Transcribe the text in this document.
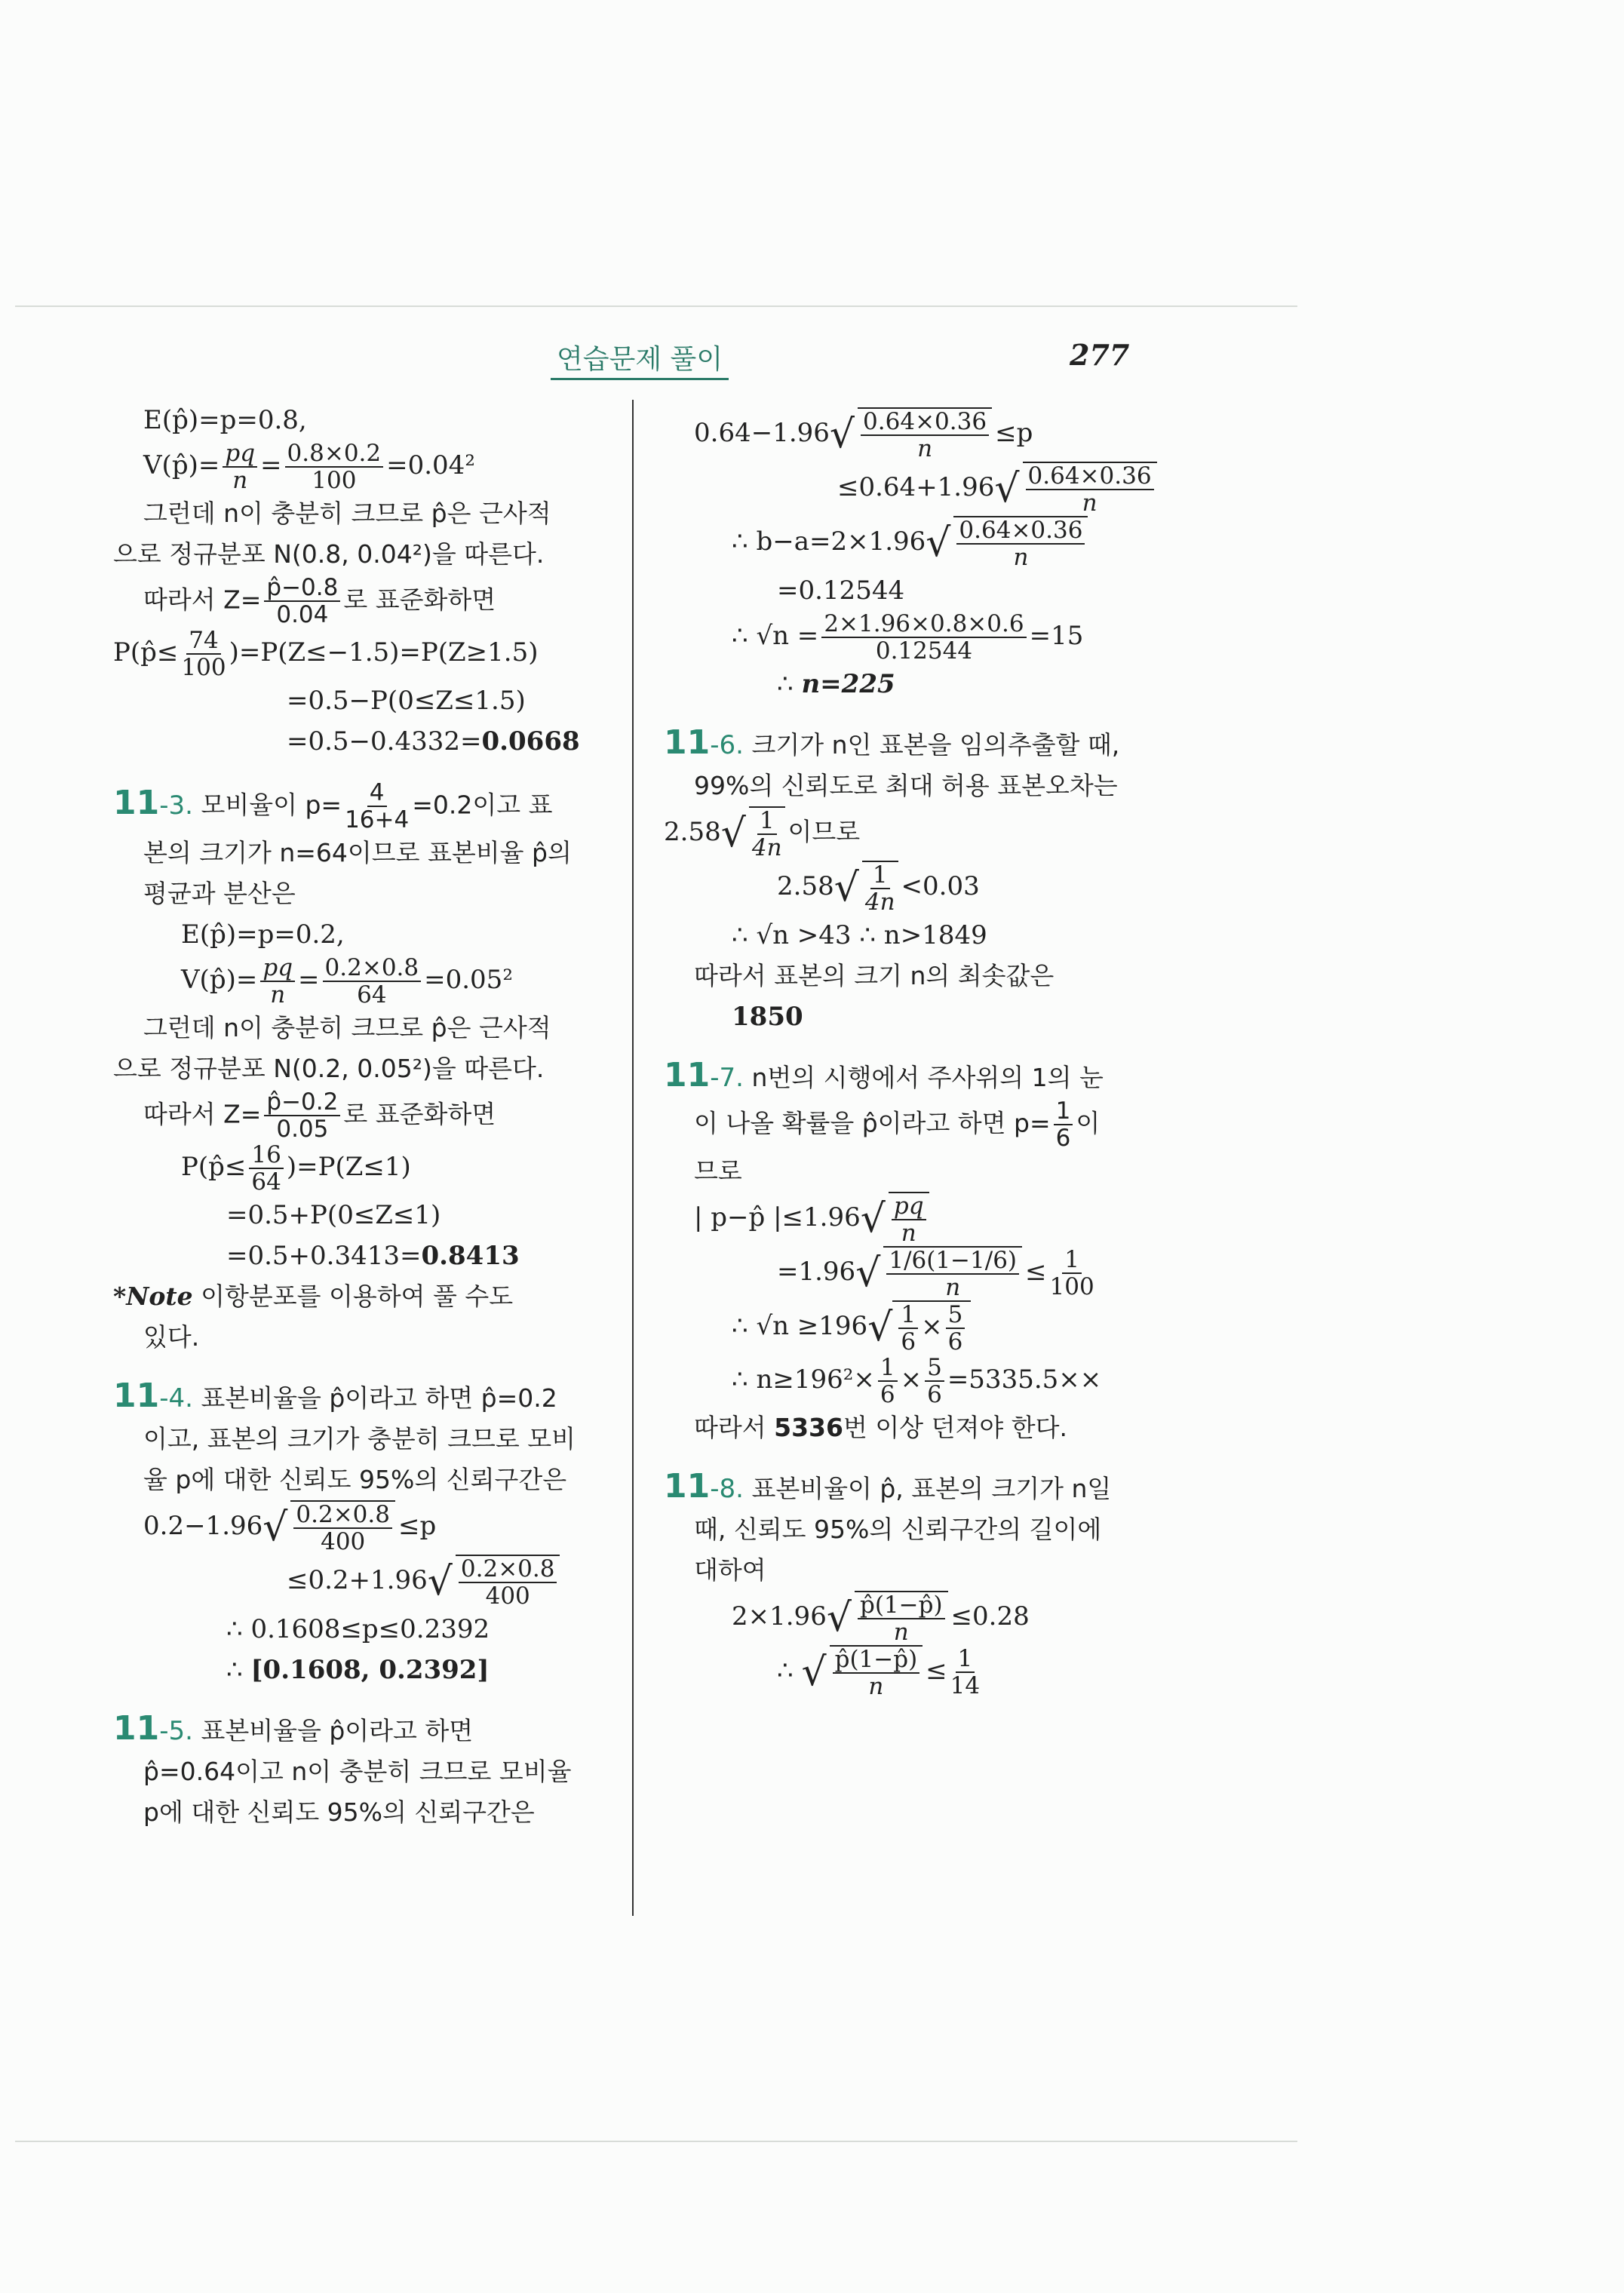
연습문제 풀이	277
E(p̂)=p=0.8,
V(p̂)= $\frac{pq}{n} = \frac{0.8\times 0.2}{100} =0.04^2$
그런데 n이 충분히 크므로 p̂은 근사적
으로 정규분포 N(0.8, 0.04²)을 따른다.
따라서 $Z= \frac{p̂-0.8}{0.04}$ 로 표준화하면
P(p̂≤ $\frac{74}{100} )=P(Z\le-1.5)=P(Z\ge 1.5)$
=0.5−P(0≤Z≤1.5)
=0.5−0.4332=0.0668
11-3. 모비율이 $p= \frac{4}{16+4} =0.2$이고 표
본의 크기가 n=64이므로 표본비율 p̂의
평균과 분산은
E(p̂)=p=0.2,
V(p̂)= $\frac{pq}{n} = \frac{0.2\times 0.8}{64} =0.05^2$
그런데 n이 충분히 크므로 p̂은 근사적
으로 정규분포 N(0.2, 0.05²)을 따른다.
따라서 $Z= \frac{p̂-0.2}{0.05}$ 로 표준화하면
P(p̂≤ $\frac{16}{64} )=P(Z\le 1)$
=0.5+P(0≤Z≤1)
=0.5+0.3413=0.8413
*Note 이항분포를 이용하여 풀 수도
있다.
11-4. 표본비율을 p̂이라고 하면 p̂=0.2
이고, 표본의 크기가 충분히 크므로 모비
율 p에 대한 신뢰도 95%의 신뢰구간은
0.2−1.96 √ $\frac{0.2\times 0.8}{400} \le p$
≤0.2+1.96 √ $\frac{0.2\times 0.8}{400}$
∴ 0.1608≤p≤0.2392
∴ [0.1608, 0.2392]
11-5. 표본비율을 p̂이라고 하면
p̂=0.64이고 n이 충분히 크므로 모비율
p에 대한 신뢰도 95%의 신뢰구간은
0.64−1.96 √ $\frac{0.64\times 0.36}{n} \le p$
≤0.64+1.96 √ $\frac{0.64\times 0.36}{n}$
∴ b−a=2×1.96 √ $\frac{0.64\times 0.36}{n}$
=0.12544
∴ $√n = \frac{2\times 1.96\times 0.8\times 0.6}{0.12544} =15$
∴ n=225
11-6. 크기가 n인 표본을 임의추출할 때,
99%의 신뢰도로 최대 허용 표본오차는
2.58 √ $\frac{1}{4n}$ 이므로
2.58 √ $\frac{1}{4n} <0.03$
∴ √n >43 ∴ n>1849
따라서 표본의 크기 n의 최솟값은
1850
11-7. n번의 시행에서 주사위의 1의 눈
이 나올 확률을 p̂이라고 하면 $p= \frac{1}{6}$ 이
므로
| p−p̂ |≤1.96 √ $\frac{pq}{n}$
=1.96 √ $\frac{1/6(1-1/6)}{n} \le \frac{1}{100}$
∴ √n ≥196 √ $\frac{1}{6} \times \frac{5}{6}$
∴ $n\ge 196^2\times \frac{1}{6} \times \frac{5}{6} =5335.5\times\times$
따라서 5336번 이상 던져야 한다.
11-8. 표본비율이 p̂, 표본의 크기가 n일
때, 신뢰도 95%의 신뢰구간의 길이에
대하여
2×1.96 √ $\frac{p̂(1-p̂)}{n} \le 0.28$
∴ √ $\frac{p̂(1-p̂)}{n} \le \frac{1}{14}$
